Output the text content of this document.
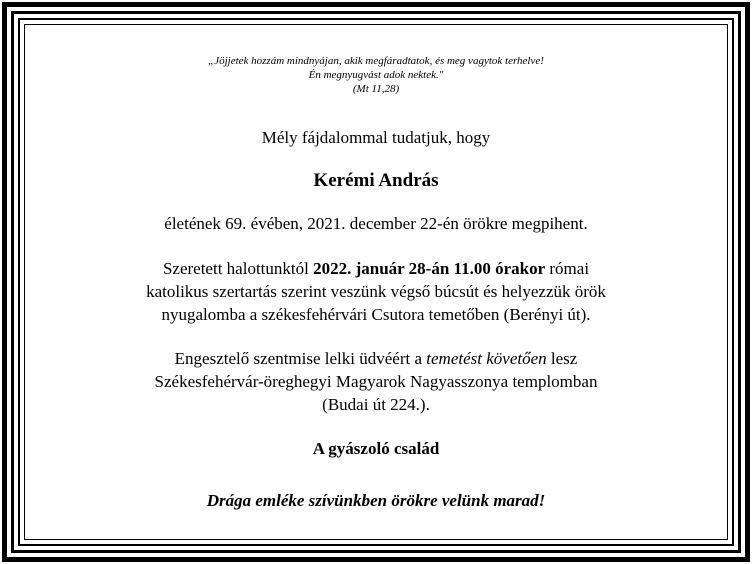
„Jöjjetek hozzám mindnyájan, akik megfáradtatok, és meg vagytok terhelve!
Én megnyugvást adok nektek."
(Mt 11,28)
Mély fájdalommal tudatjuk, hogy
Kerémi András
életének 69. évében, 2021. december 22-én örökre megpihent.
Szeretett halottunktól 2022. január 28-án 11.00 órakor római
katolikus szertartás szerint veszünk végső búcsút és helyezzük örök
nyugalomba a székesfehérvári Csutora temetőben (Berényi út).
Engesztelő szentmise lelki üdvéért a temetést követően lesz
Székesfehérvár-öreghegyi Magyarok Nagyasszonya templomban
(Budai út 224.).
A gyászoló család
Drága emléke szívünkben örökre velünk marad!
